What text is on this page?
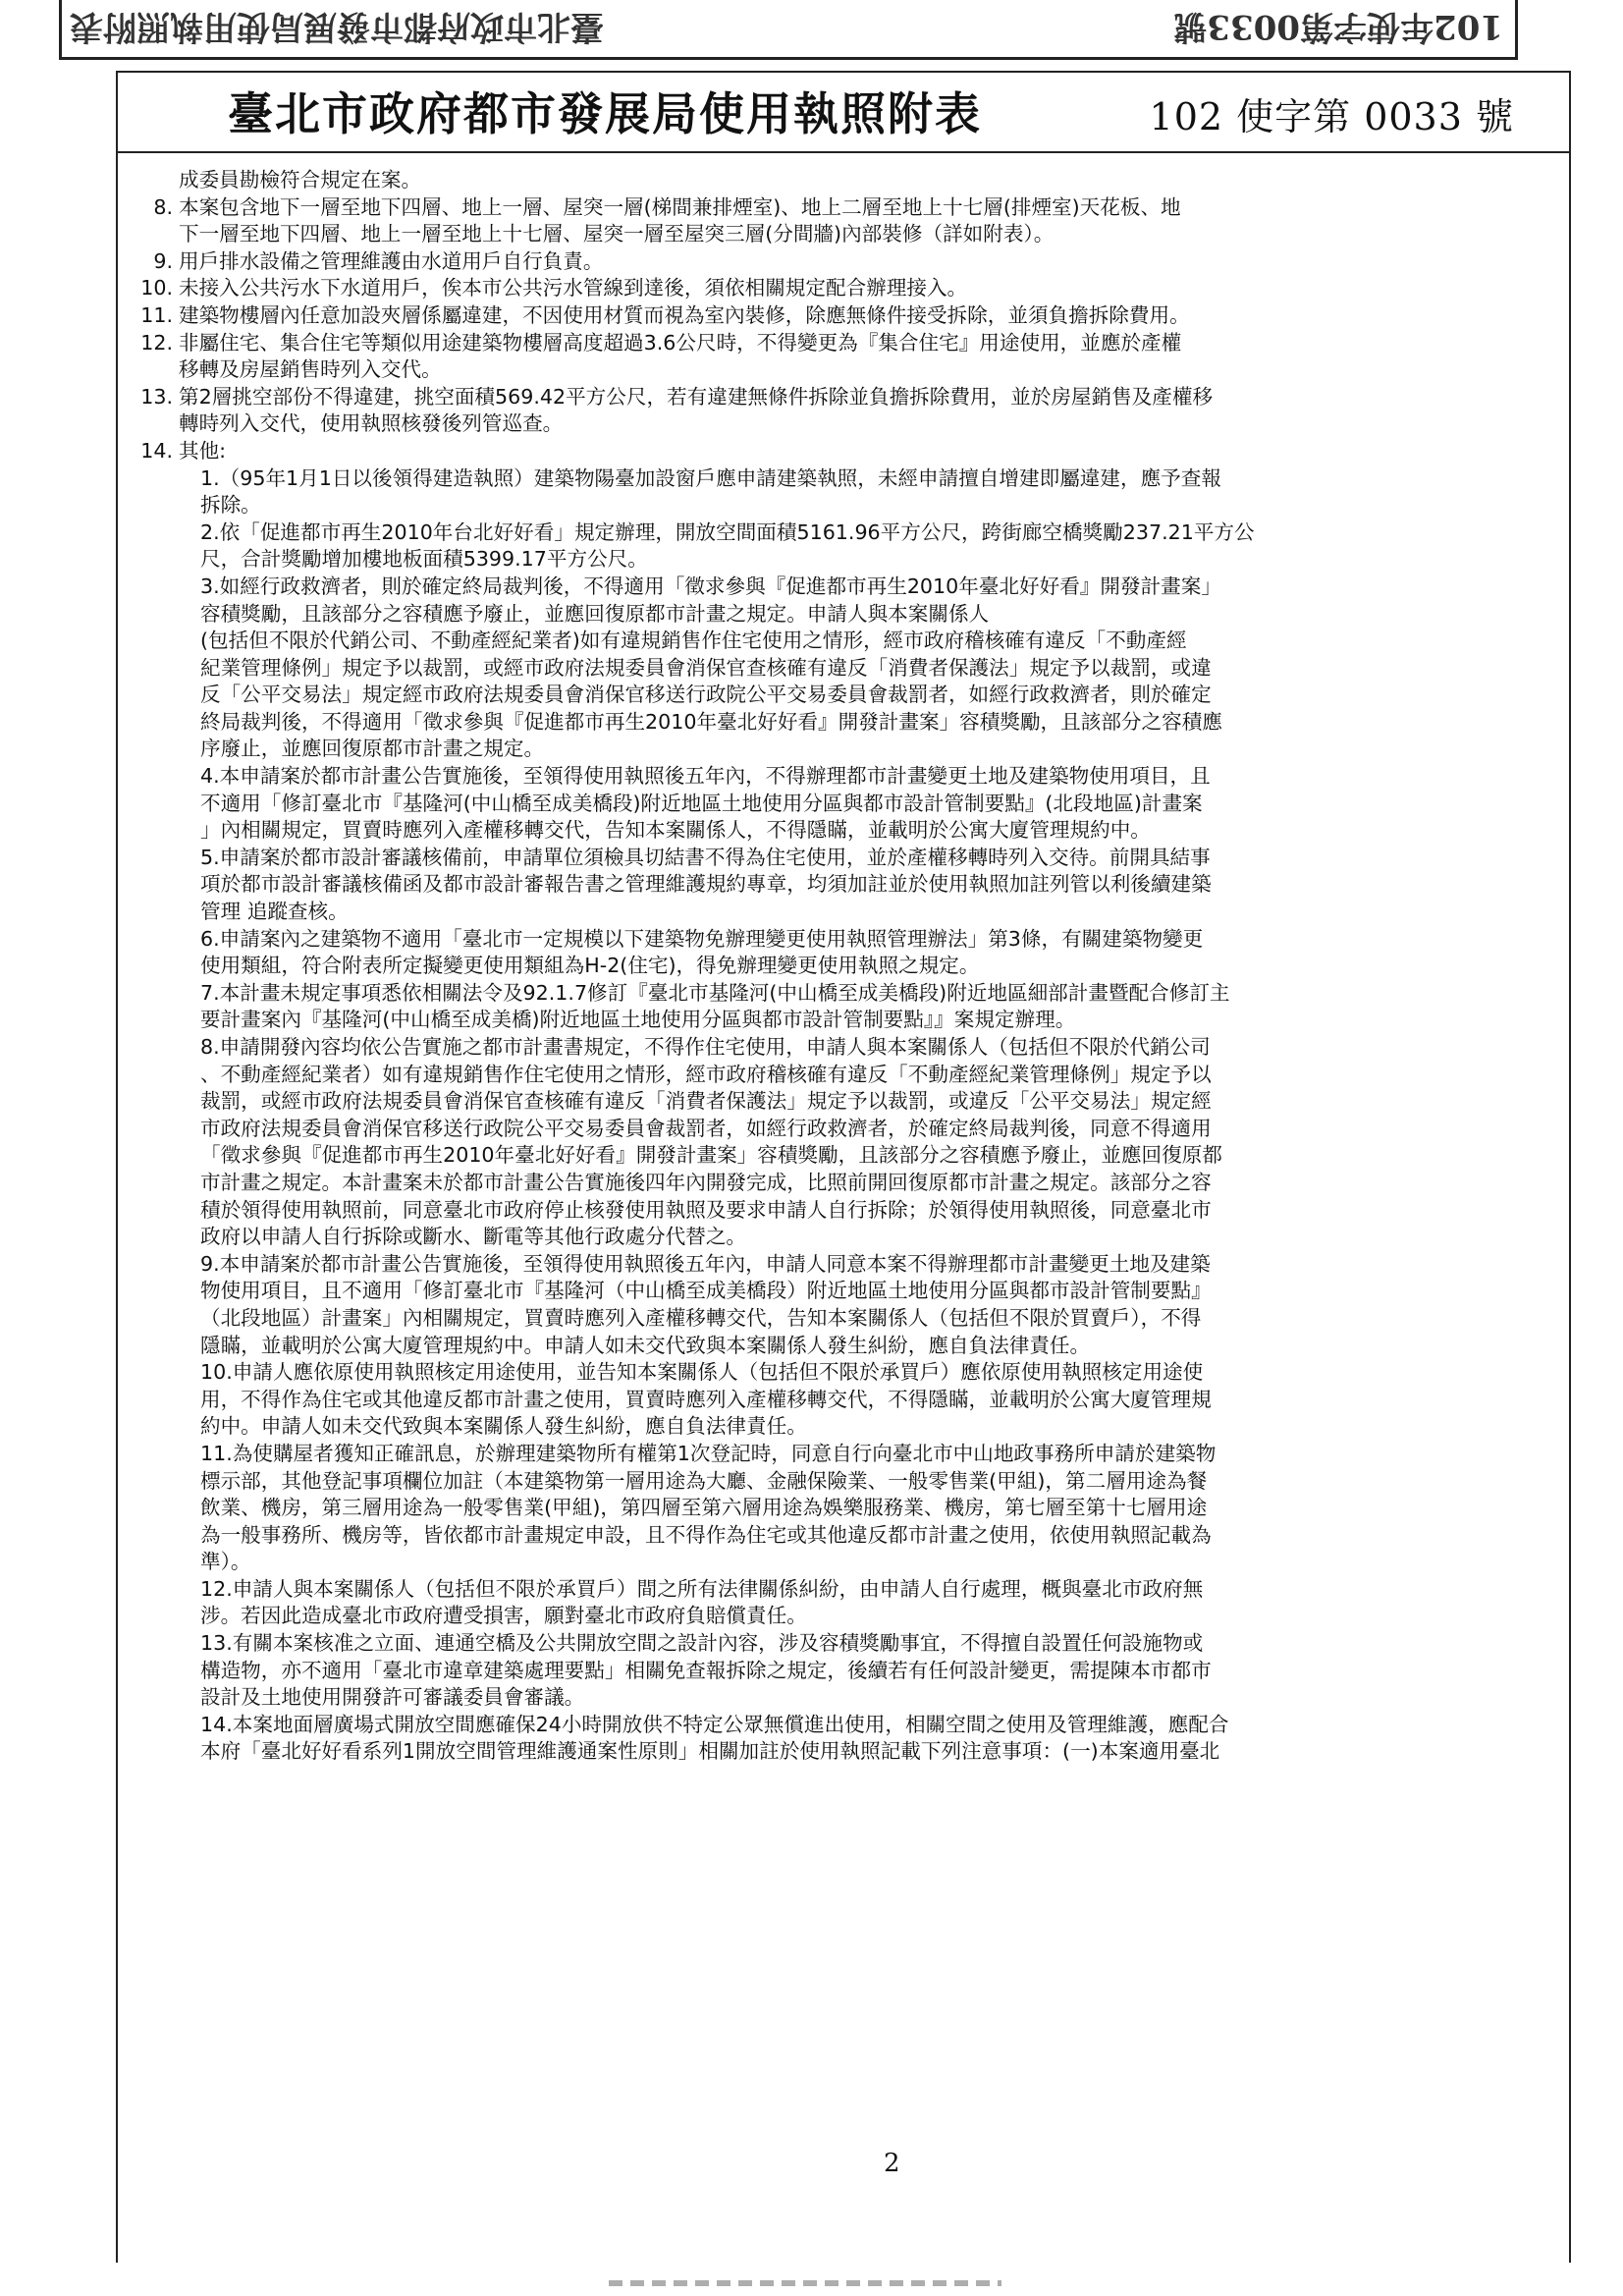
102年使字第0033號
臺北市政府都市發展局使用執照附表
臺北市政府都市發展局使用執照附表	102 使字第 0033 號
成委員勘檢符合規定在案。
8. 本案包含地下一層至地下四層、地上一層、屋突一層(梯間兼排煙室)、地上二層至地上十七層(排煙室)天花板、地
下一層至地下四層、地上一層至地上十七層、屋突一層至屋突三層(分間牆)內部裝修（詳如附表）。
9. 用戶排水設備之管理維護由水道用戶自行負責。
10. 未接入公共污水下水道用戶，俟本市公共污水管線到達後，須依相關規定配合辦理接入。
11. 建築物樓層內任意加設夾層係屬違建，不因使用材質而視為室內裝修，除應無條件接受拆除，並須負擔拆除費用。
12. 非屬住宅、集合住宅等類似用途建築物樓層高度超過3.6公尺時，不得變更為『集合住宅』用途使用，並應於產權
移轉及房屋銷售時列入交代。
13. 第2層挑空部份不得違建，挑空面積569.42平方公尺，若有違建無條件拆除並負擔拆除費用，並於房屋銷售及產權移
轉時列入交代，使用執照核發後列管巡查。
14. 其他:
1.（95年1月1日以後領得建造執照）建築物陽臺加設窗戶應申請建築執照，未經申請擅自增建即屬違建，應予查報
拆除。
2.依「促進都市再生2010年台北好好看」規定辦理，開放空間面積5161.96平方公尺，跨街廊空橋獎勵237.21平方公
尺，合計獎勵增加樓地板面積5399.17平方公尺。
3.如經行政救濟者，則於確定終局裁判後，不得適用「徵求參與『促進都市再生2010年臺北好好看』開發計畫案」
容積獎勵，且該部分之容積應予廢止，並應回復原都市計畫之規定。申請人與本案關係人
(包括但不限於代銷公司、不動產經紀業者)如有違規銷售作住宅使用之情形，經市政府稽核確有違反「不動產經
紀業管理條例」規定予以裁罰，或經市政府法規委員會消保官查核確有違反「消費者保護法」規定予以裁罰，或違
反「公平交易法」規定經市政府法規委員會消保官移送行政院公平交易委員會裁罰者，如經行政救濟者，則於確定
終局裁判後，不得適用「徵求參與『促進都市再生2010年臺北好好看』開發計畫案」容積獎勵，且該部分之容積應
序廢止，並應回復原都市計畫之規定。
4.本申請案於都市計畫公告實施後，至領得使用執照後五年內，不得辦理都市計畫變更土地及建築物使用項目，且
不適用「修訂臺北市『基隆河(中山橋至成美橋段)附近地區土地使用分區與都市設計管制要點』(北段地區)計畫案
」內相關規定，買賣時應列入產權移轉交代，告知本案關係人，不得隱瞞，並載明於公寓大廈管理規約中。
5.申請案於都市設計審議核備前，申請單位須檢具切結書不得為住宅使用，並於產權移轉時列入交待。前開具結事
項於都市設計審議核備函及都市設計審報告書之管理維護規約專章，均須加註並於使用執照加註列管以利後續建築
管理 追蹤查核。
6.申請案內之建築物不適用「臺北市一定規模以下建築物免辦理變更使用執照管理辦法」第3條，有關建築物變更
使用類組，符合附表所定擬變更使用類組為H-2(住宅)，得免辦理變更使用執照之規定。
7.本計畫未規定事項悉依相關法令及92.1.7修訂『臺北市基隆河(中山橋至成美橋段)附近地區細部計畫暨配合修訂主
要計畫案內『基隆河(中山橋至成美橋)附近地區土地使用分區與都市設計管制要點』』案規定辦理。
8.申請開發內容均依公告實施之都市計畫書規定，不得作住宅使用，申請人與本案關係人（包括但不限於代銷公司
、不動產經紀業者）如有違規銷售作住宅使用之情形，經市政府稽核確有違反「不動產經紀業管理條例」規定予以
裁罰，或經市政府法規委員會消保官查核確有違反「消費者保護法」規定予以裁罰，或違反「公平交易法」規定經
市政府法規委員會消保官移送行政院公平交易委員會裁罰者，如經行政救濟者，於確定終局裁判後，同意不得適用
「徵求參與『促進都市再生2010年臺北好好看』開發計畫案」容積獎勵，且該部分之容積應予廢止，並應回復原都
市計畫之規定。本計畫案未於都市計畫公告實施後四年內開發完成，比照前開回復原都市計畫之規定。該部分之容
積於領得使用執照前，同意臺北市政府停止核發使用執照及要求申請人自行拆除；於領得使用執照後，同意臺北市
政府以申請人自行拆除或斷水、斷電等其他行政處分代替之。
9.本申請案於都市計畫公告實施後，至領得使用執照後五年內，申請人同意本案不得辦理都市計畫變更土地及建築
物使用項目，且不適用「修訂臺北市『基隆河（中山橋至成美橋段）附近地區土地使用分區與都市設計管制要點』
（北段地區）計畫案」內相關規定，買賣時應列入產權移轉交代，告知本案關係人（包括但不限於買賣戶），不得
隱瞞，並載明於公寓大廈管理規約中。申請人如未交代致與本案關係人發生糾紛，應自負法律責任。
10.申請人應依原使用執照核定用途使用，並告知本案關係人（包括但不限於承買戶）應依原使用執照核定用途使
用，不得作為住宅或其他違反都市計畫之使用，買賣時應列入產權移轉交代，不得隱瞞，並載明於公寓大廈管理規
約中。申請人如未交代致與本案關係人發生糾紛，應自負法律責任。
11.為使購屋者獲知正確訊息，於辦理建築物所有權第1次登記時，同意自行向臺北市中山地政事務所申請於建築物
標示部，其他登記事項欄位加註（本建築物第一層用途為大廳、金融保險業、一般零售業(甲組)，第二層用途為餐
飲業、機房，第三層用途為一般零售業(甲組)，第四層至第六層用途為娛樂服務業、機房，第七層至第十七層用途
為一般事務所、機房等，皆依都市計畫規定申設，且不得作為住宅或其他違反都市計畫之使用，依使用執照記載為
準）。
12.申請人與本案關係人（包括但不限於承買戶）間之所有法律關係糾紛，由申請人自行處理，概與臺北市政府無
涉。若因此造成臺北市政府遭受損害，願對臺北市政府負賠償責任。
13.有關本案核准之立面、連通空橋及公共開放空間之設計內容，涉及容積獎勵事宜，不得擅自設置任何設施物或
構造物，亦不適用「臺北市違章建築處理要點」相關免查報拆除之規定，後續若有任何設計變更，需提陳本市都市
設計及土地使用開發許可審議委員會審議。
14.本案地面層廣場式開放空間應確保24小時開放供不特定公眾無償進出使用，相關空間之使用及管理維護，應配合
本府「臺北好好看系列1開放空間管理維護通案性原則」相關加註於使用執照記載下列注意事項：(一)本案適用臺北
2
